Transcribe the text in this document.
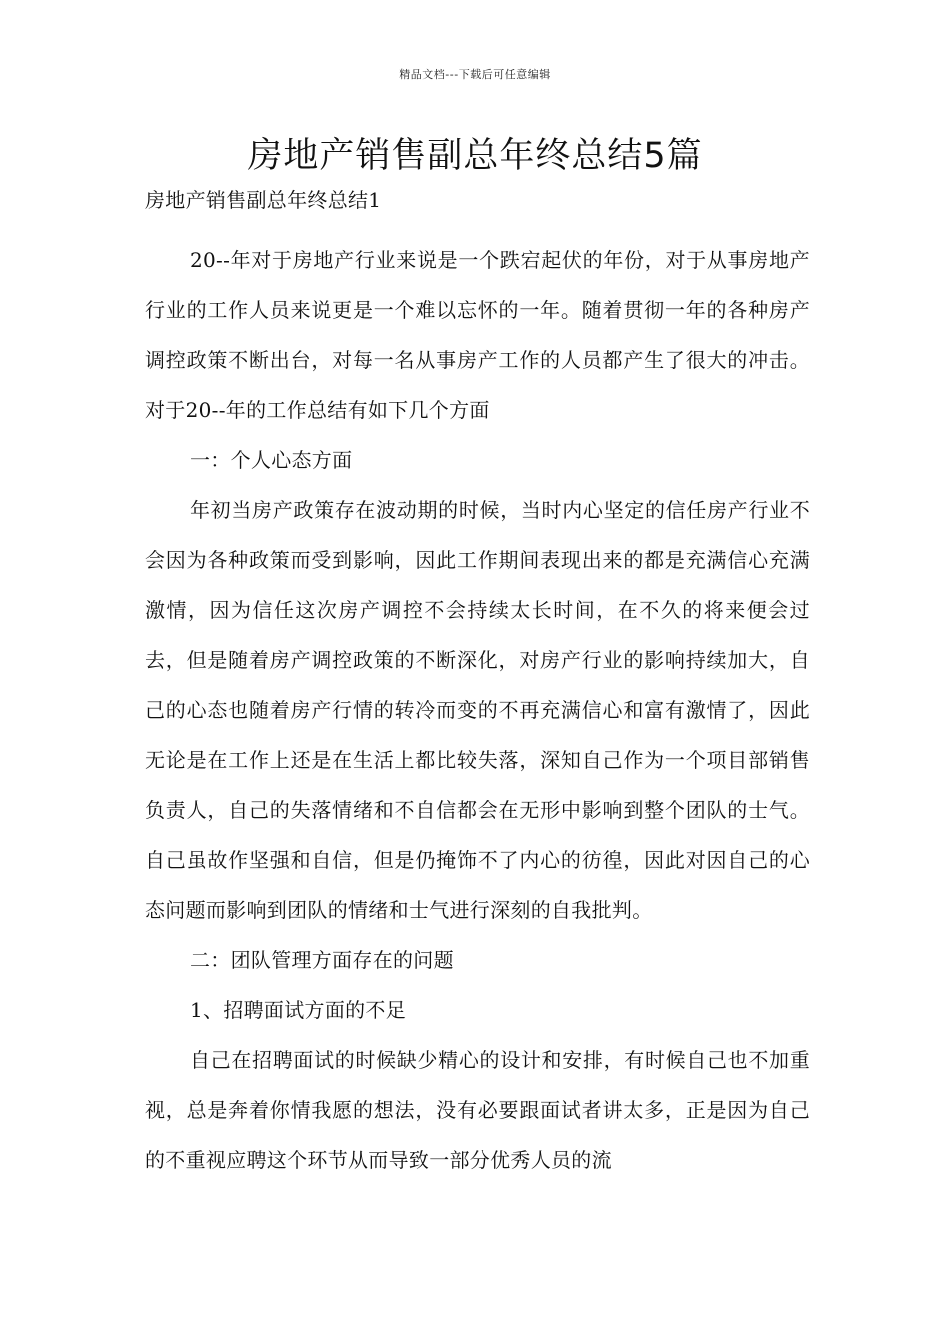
精品文档---下载后可任意编辑
房地产销售副总年终总结5篇

房地产销售副总年终总结1

20--年对于房地产行业来说是一个跌宕起伏的年份，对于从事房地产行业的工作人员来说更是一个难以忘怀的一年。随着贯彻一年的各种房产调控政策不断出台，对每一名从事房产工作的人员都产生了很大的冲击。对于20--年的工作总结有如下几个方面

一：个人心态方面

年初当房产政策存在波动期的时候，当时内心坚定的信任房产行业不会因为各种政策而受到影响，因此工作期间表现出来的都是充满信心充满激情，因为信任这次房产调控不会持续太长时间，在不久的将来便会过去，但是随着房产调控政策的不断深化，对房产行业的影响持续加大，自己的心态也随着房产行情的转冷而变的不再充满信心和富有激情了，因此无论是在工作上还是在生活上都比较失落，深知自己作为一个项目部销售负责人，自己的失落情绪和不自信都会在无形中影响到整个团队的士气。自己虽故作坚强和自信，但是仍掩饰不了内心的彷徨，因此对因自己的心态问题而影响到团队的情绪和士气进行深刻的自我批判。

二：团队管理方面存在的问题

1、招聘面试方面的不足

自己在招聘面试的时候缺少精心的设计和安排，有时候自己也不加重视，总是奔着你情我愿的想法，没有必要跟面试者讲太多，正是因为自己的不重视应聘这个环节从而导致一部分优秀人员的流
